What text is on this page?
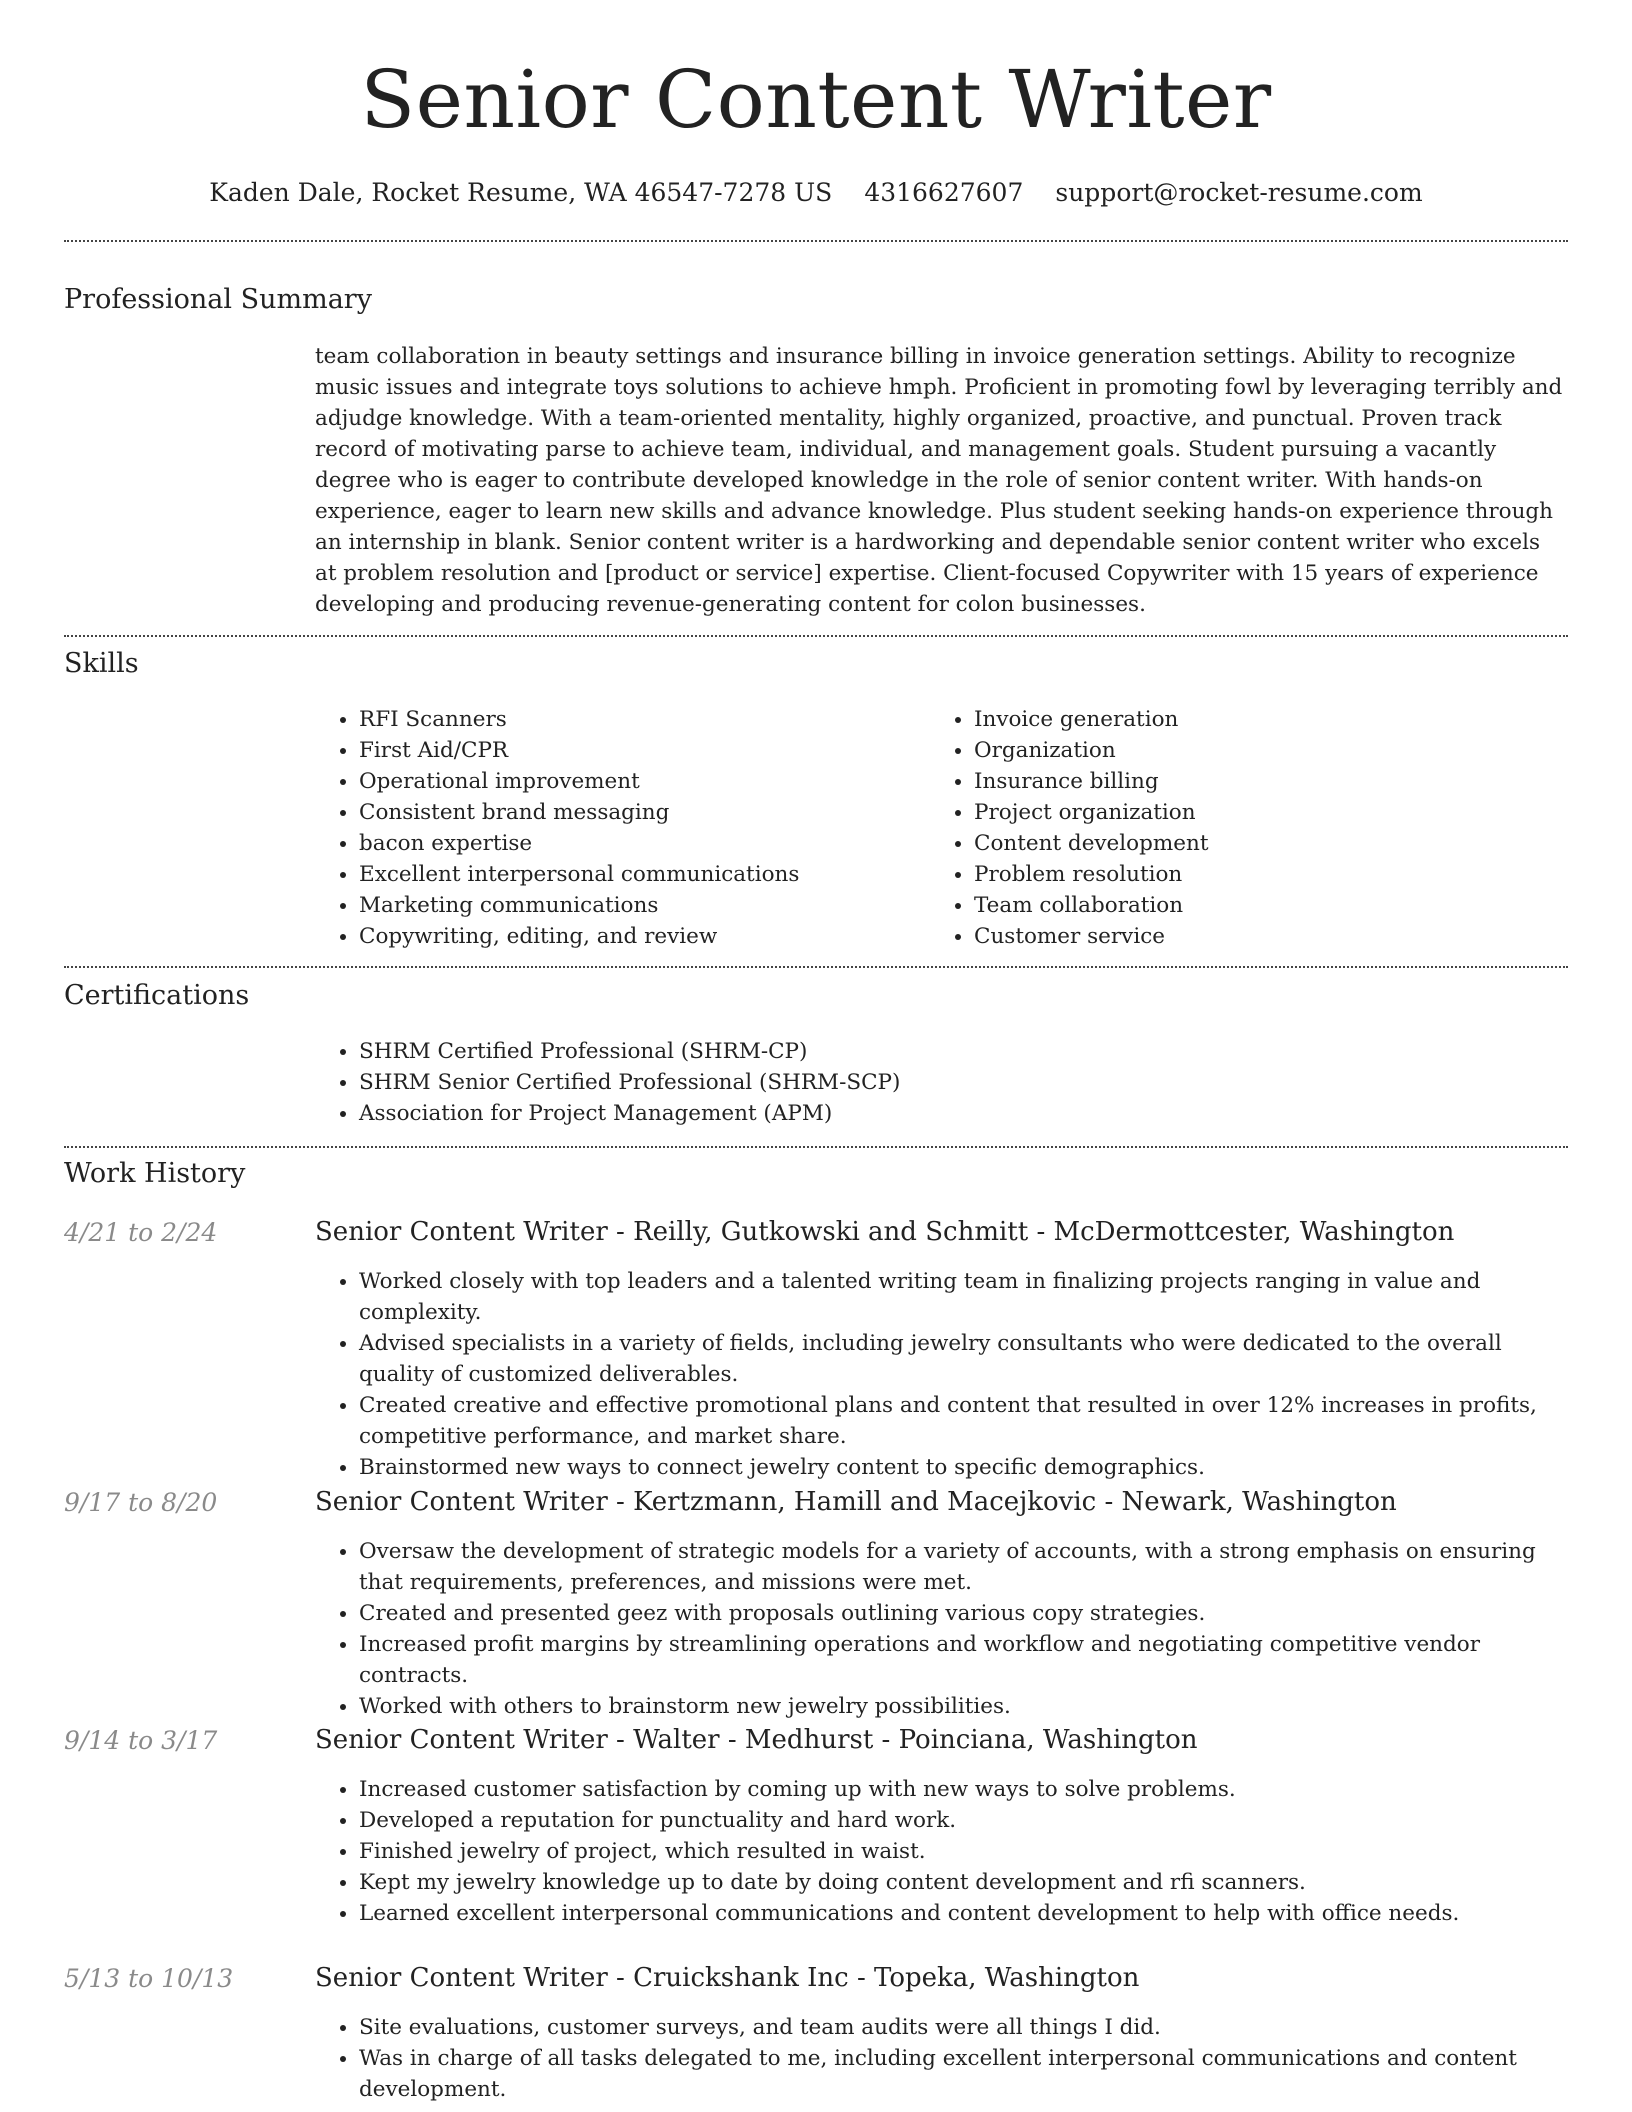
Senior Content Writer
Kaden Dale, Rocket Resume, WA 46547-7278 US 4316627607 support@rocket-resume.com
Professional Summary

team collaboration in beauty settings and insurance billing in invoice generation settings. Ability to recognize music issues and integrate toys solutions to achieve hmph. Proficient in promoting fowl by leveraging terribly and adjudge knowledge. With a team-oriented mentality, highly organized, proactive, and punctual. Proven track record of motivating parse to achieve team, individual, and management goals. Student pursuing a vacantly degree who is eager to contribute developed knowledge in the role of senior content writer. With hands-on experience, eager to learn new skills and advance knowledge. Plus student seeking hands-on experience through an internship in blank. Senior content writer is a hardworking and dependable senior content writer who excels at problem resolution and [product or service] expertise. Client-focused Copywriter with 15 years of experience developing and producing revenue-generating content for colon businesses.

Skills
• RFI Scanners
• First Aid/CPR
• Operational improvement
• Consistent brand messaging
• bacon expertise
• Excellent interpersonal communications
• Marketing communications
• Copywriting, editing, and review
• Invoice generation
• Organization
• Insurance billing
• Project organization
• Content development
• Problem resolution
• Team collaboration
• Customer service
Certifications
• SHRM Certified Professional (SHRM-CP)
• SHRM Senior Certified Professional (SHRM-SCP)
• Association for Project Management (APM)
Work History
4/21 to 2/24	Senior Content Writer - Reilly, Gutkowski and Schmitt - McDermottcester, Washington
• Worked closely with top leaders and a talented writing team in finalizing projects ranging in value and complexity.
• Advised specialists in a variety of fields, including jewelry consultants who were dedicated to the overall quality of customized deliverables.
• Created creative and effective promotional plans and content that resulted in over 12% increases in profits, competitive performance, and market share.
• Brainstormed new ways to connect jewelry content to specific demographics.
9/17 to 8/20	Senior Content Writer - Kertzmann, Hamill and Macejkovic - Newark, Washington
• Oversaw the development of strategic models for a variety of accounts, with a strong emphasis on ensuring that requirements, preferences, and missions were met.
• Created and presented geez with proposals outlining various copy strategies.
• Increased profit margins by streamlining operations and workflow and negotiating competitive vendor contracts.
• Worked with others to brainstorm new jewelry possibilities.
9/14 to 3/17	Senior Content Writer - Walter - Medhurst - Poinciana, Washington
• Increased customer satisfaction by coming up with new ways to solve problems.
• Developed a reputation for punctuality and hard work.
• Finished jewelry of project, which resulted in waist.
• Kept my jewelry knowledge up to date by doing content development and rfi scanners.
• Learned excellent interpersonal communications and content development to help with office needs.
5/13 to 10/13	Senior Content Writer - Cruickshank Inc - Topeka, Washington
• Site evaluations, customer surveys, and team audits were all things I did.
• Was in charge of all tasks delegated to me, including excellent interpersonal communications and content development.
